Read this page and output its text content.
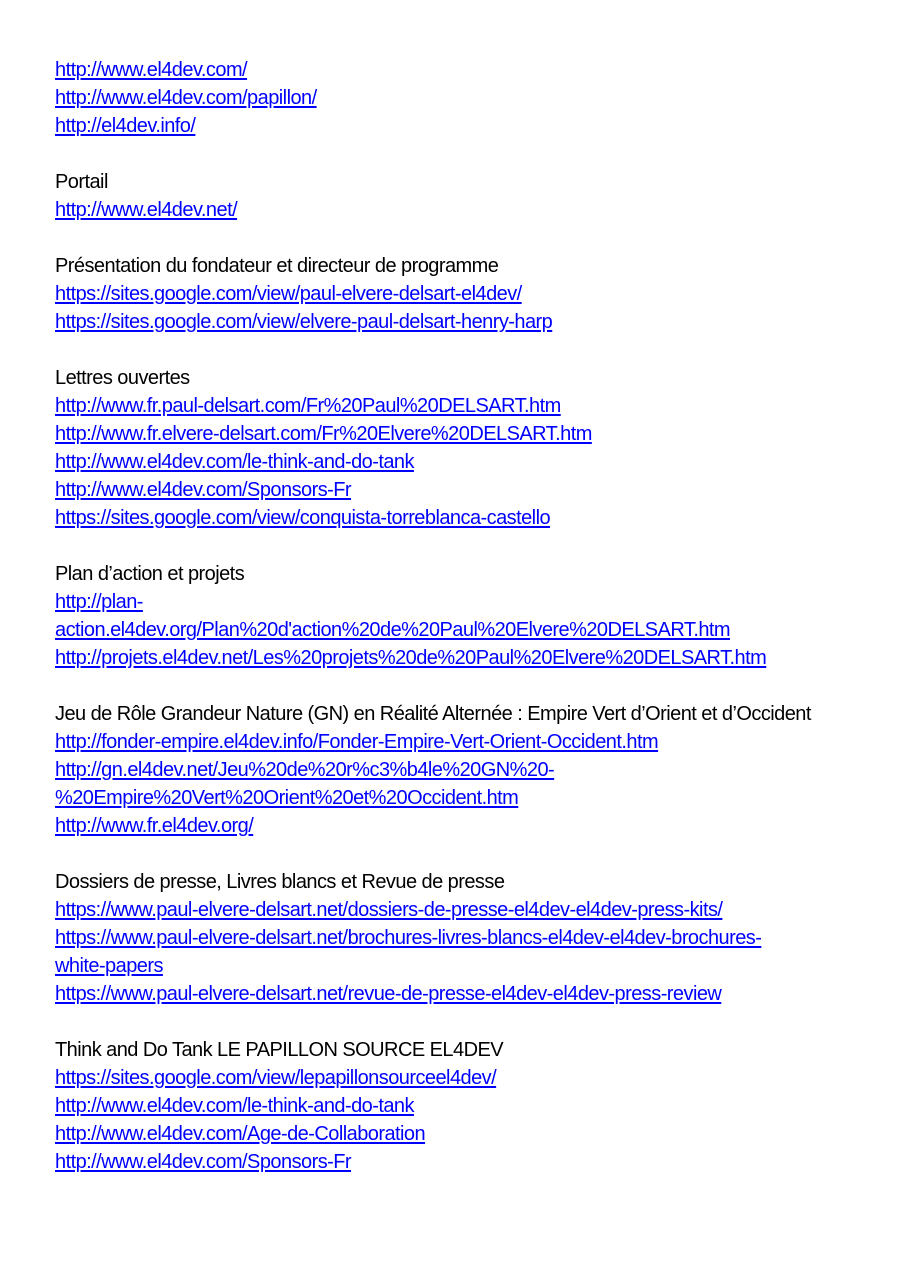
http://www.el4dev.com/
http://www.el4dev.com/papillon/
http://el4dev.info/
Portail
http://www.el4dev.net/
Présentation du fondateur et directeur de programme
https://sites.google.com/view/paul-elvere-delsart-el4dev/
https://sites.google.com/view/elvere-paul-delsart-henry-harp
Lettres ouvertes
http://www.fr.paul-delsart.com/Fr%20Paul%20DELSART.htm
http://www.fr.elvere-delsart.com/Fr%20Elvere%20DELSART.htm
http://www.el4dev.com/le-think-and-do-tank
http://www.el4dev.com/Sponsors-Fr
https://sites.google.com/view/conquista-torreblanca-castello
Plan d’action et projets
http://plan-
action.el4dev.org/Plan%20d'action%20de%20Paul%20Elvere%20DELSART.htm
http://projets.el4dev.net/Les%20projets%20de%20Paul%20Elvere%20DELSART.htm
Jeu de Rôle Grandeur Nature (GN) en Réalité Alternée : Empire Vert d’Orient et d’Occident
http://fonder-empire.el4dev.info/Fonder-Empire-Vert-Orient-Occident.htm
http://gn.el4dev.net/Jeu%20de%20r%c3%b4le%20GN%20-
%20Empire%20Vert%20Orient%20et%20Occident.htm
http://www.fr.el4dev.org/
Dossiers de presse, Livres blancs et Revue de presse
https://www.paul-elvere-delsart.net/dossiers-de-presse-el4dev-el4dev-press-kits/
https://www.paul-elvere-delsart.net/brochures-livres-blancs-el4dev-el4dev-brochures-
white-papers
https://www.paul-elvere-delsart.net/revue-de-presse-el4dev-el4dev-press-review
Think and Do Tank LE PAPILLON SOURCE EL4DEV
https://sites.google.com/view/lepapillonsourceel4dev/
http://www.el4dev.com/le-think-and-do-tank
http://www.el4dev.com/Age-de-Collaboration
http://www.el4dev.com/Sponsors-Fr
